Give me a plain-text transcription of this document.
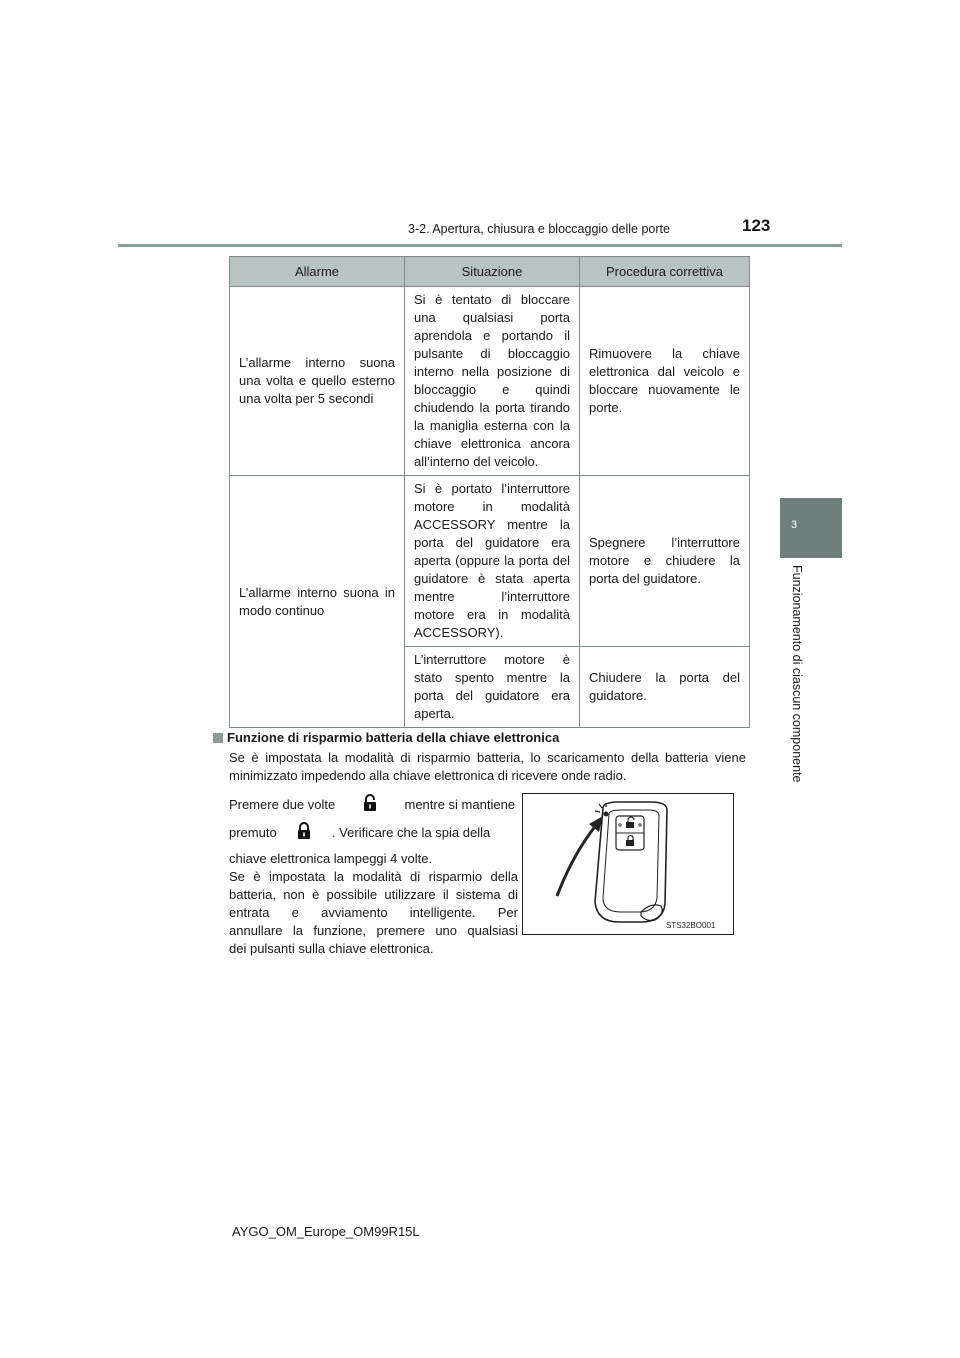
3-2. Apertura, chiusura e bloccaggio delle porte	123
3
Funzionamento di ciascun componente
Allarme	Situazione	Procedura correttiva
L’allarme interno suona una volta e quello esterno una volta per 5 secondi	Si è tentato di bloccare una qualsiasi porta aprendola e portando il pulsante di bloccaggio interno nella posizione di bloccaggio e quindi chiudendo la porta tirando la maniglia esterna con la chiave elettronica ancora all’interno del veicolo.	Rimuovere la chiave elettronica dal veicolo e bloccare nuovamente le porte.
L’allarme interno suona in modo continuo	Si è portato l’interruttore motore in modalità ACCESSORY mentre la porta del guidatore era aperta (oppure la porta del guidatore è stata aperta mentre l’interruttore motore era in modalità ACCESSORY).	Spegnere l’interruttore motore e chiudere la porta del guidatore.
	L’interruttore motore è stato spento mentre la porta del guidatore era aperta.	Chiudere la porta del guidatore.
Funzione di risparmio batteria della chiave elettronica
Se è impostata la modalità di risparmio batteria, lo scaricamento della batteria viene minimizzato impedendo alla chiave elettronica di ricevere onde radio.
Premere due volte	mentre si mantiene
premuto	. Verificare che la spia della
chiave elettronica lampeggi 4 volte.
Se è impostata la modalità di risparmio della
batteria, non è possibile utilizzare il sistema di
entrata e avviamento intelligente. Per
annullare la funzione, premere uno qualsiasi
dei pulsanti sulla chiave elettronica.
STS32BO001
AYGO_OM_Europe_OM99R15L
